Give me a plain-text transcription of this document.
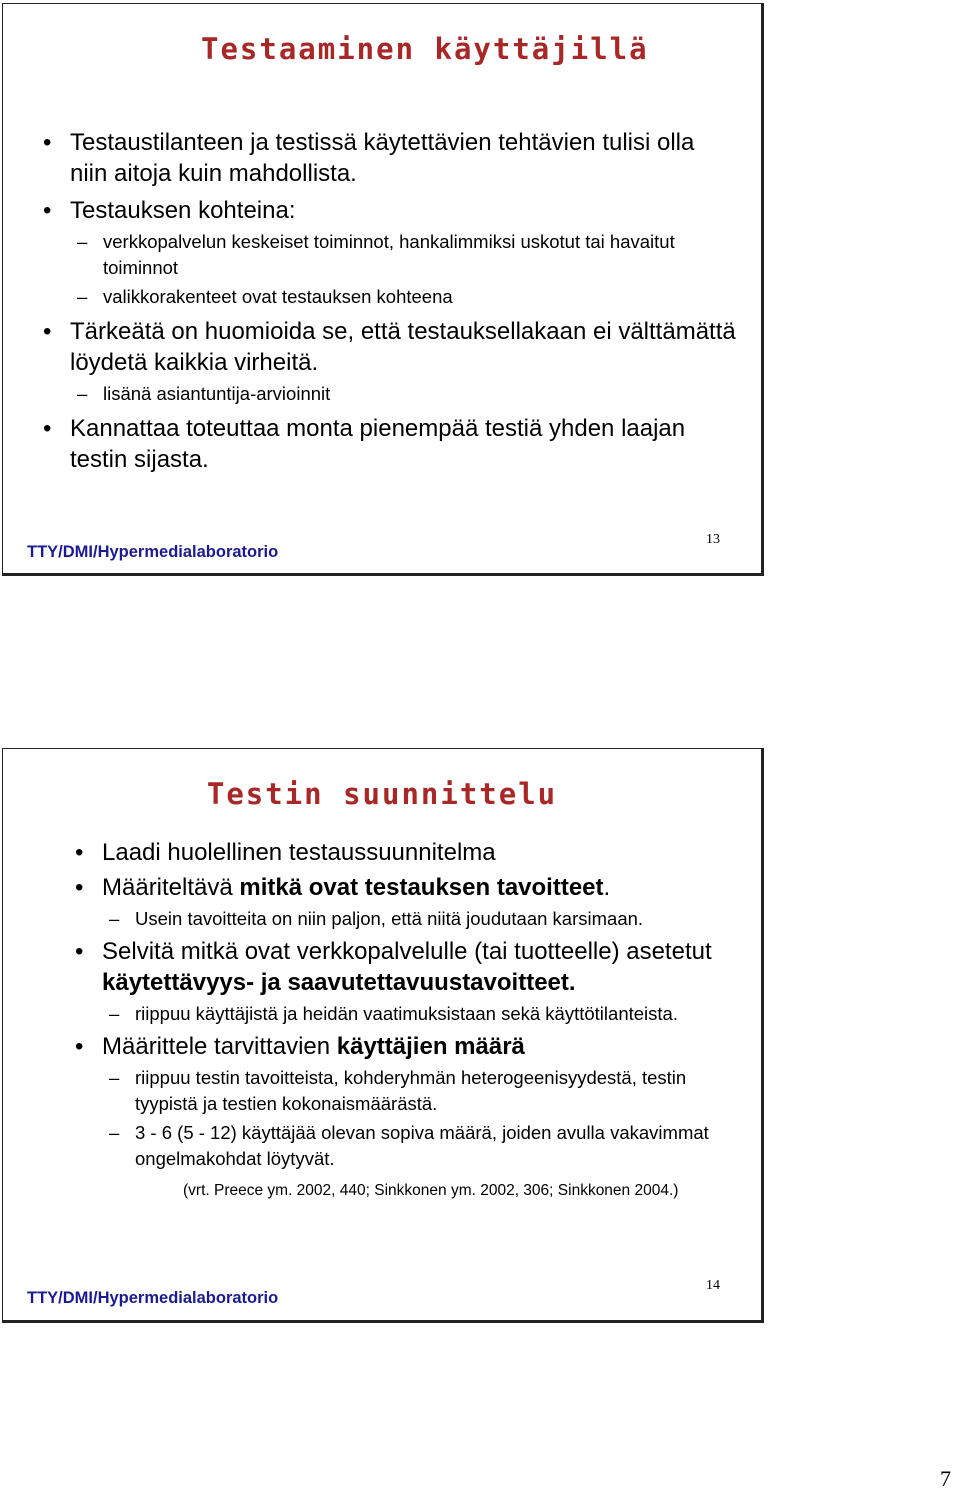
Testaaminen käyttäjillä
• Testaustilanteen ja testissä käytettävien tehtävien tulisi olla niin aitoja kuin mahdollista.
• Testauksen kohteina:
– verkkopalvelun keskeiset toiminnot, hankalimmiksi uskotut tai havaitut toiminnot
– valikkorakenteet ovat testauksen kohteena
• Tärkeätä on huomioida se, että testauksellakaan ei välttämättä löydetä kaikkia virheitä.
– lisänä asiantuntija-arvioinnit
• Kannattaa toteuttaa monta pienempää testiä yhden laajan testin sijasta.
TTY/DMI/Hypermedialaboratorio
13
Testin suunnittelu
• Laadi huolellinen testaussuunnitelma
• Määriteltävä mitkä ovat testauksen tavoitteet.
– Usein tavoitteita on niin paljon, että niitä joudutaan karsimaan.
• Selvitä mitkä ovat verkkopalvelulle (tai tuotteelle) asetetut käytettävyys- ja saavutettavuustavoitteet.
– riippuu käyttäjistä ja heidän vaatimuksistaan sekä käyttötilanteista.
• Määrittele tarvittavien käyttäjien määrä
– riippuu testin tavoitteista, kohderyhmän heterogeenisyydestä, testin tyypistä ja testien kokonaismäärästä.
– 3 - 6 (5 - 12) käyttäjää olevan sopiva määrä, joiden avulla vakavimmat ongelmakohdat löytyvät.
(vrt. Preece ym. 2002, 440; Sinkkonen ym. 2002, 306; Sinkkonen 2004.)
TTY/DMI/Hypermedialaboratorio
14
7
